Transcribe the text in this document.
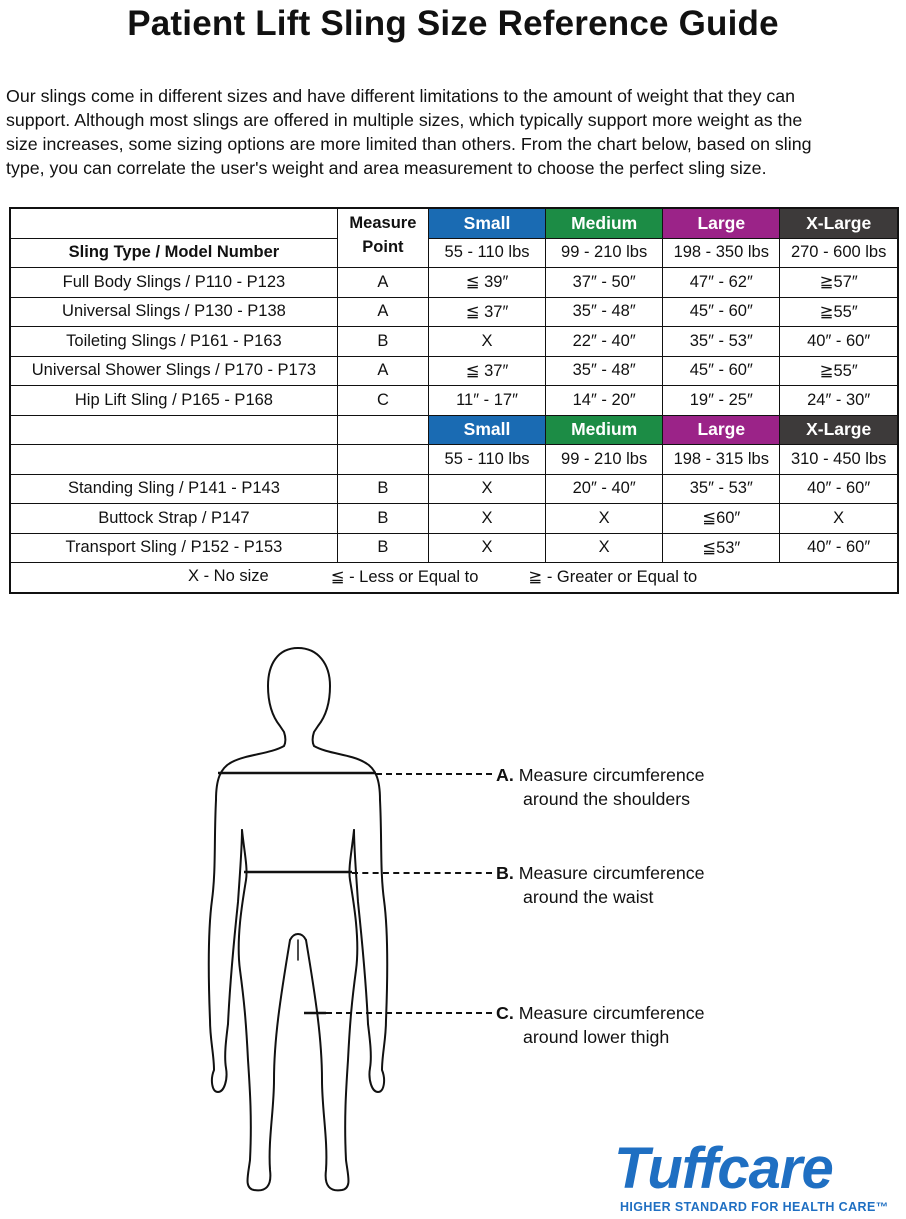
Patient Lift Sling Size Reference Guide
Our slings come in different sizes and have different limitations to the amount of weight that they can
support. Although most slings are offered in multiple sizes, which typically support more weight as the
size increases, some sizing options are more limited than others. From the chart below, based on sling
type, you can correlate the user's weight and area measurement to choose the perfect sling size.
	Measure	Small	Medium	Large	X-Large
Sling Type / Model Number	Point	55 - 110 lbs	99 - 210 lbs	198 - 350 lbs	270 - 600 lbs
Full Body Slings / P110 - P123	A	≦ 39″	37″ - 50″	47″ - 62″	≧57″
Universal Slings / P130 - P138	A	≦ 37″	35″ - 48″	45″ - 60″	≧55″
Toileting Slings / P161 - P163	B	X	22″ - 40″	35″ - 53″	40″ - 60″
Universal Shower Slings / P170 - P173	A	≦ 37″	35″ - 48″	45″ - 60″	≧55″
Hip Lift Sling / P165 - P168	C	11″ - 17″	14″ - 20″	19″ - 25″	24″ - 30″
		Small	Medium	Large	X-Large
		55 - 110 lbs	99 - 210 lbs	198 - 315 lbs	310 - 450 lbs
Standing Sling / P141 - P143	B	X	20″ - 40″	35″ - 53″	40″ - 60″
Buttock Strap / P147	B	X	X	≦60″	X
Transport Sling / P152 - P153	B	X	X	≦53″	40″ - 60″

X - No size ≦ - Less or Equal to ≧ - Greater or Equal to					
A. Measure circumference
around the shoulders
B. Measure circumference
around the waist
C. Measure circumference
around lower thigh
Tuffcare
HIGHER STANDARD FOR HEALTH CARE™
